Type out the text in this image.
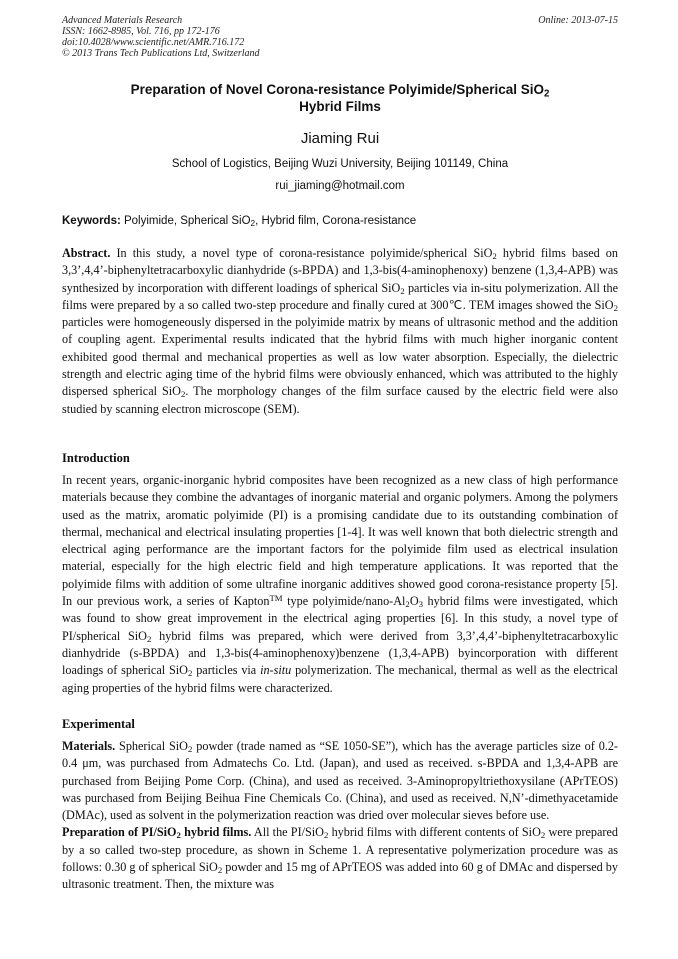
Advanced Materials Research
ISSN: 1662-8985, Vol. 716, pp 172-176
doi:10.4028/www.scientific.net/AMR.716.172
© 2013 Trans Tech Publications Ltd, Switzerland
Online: 2013-07-15
Preparation of Novel Corona-resistance Polyimide/Spherical SiO$_2$
Hybrid Films
Jiaming Rui
School of Logistics, Beijing Wuzi University, Beijing 101149, China
rui_jiaming@hotmail.com
Keywords: Polyimide, Spherical SiO$_2$, Hybrid film, Corona-resistance
Abstract. In this study, a novel type of corona-resistance polyimide/spherical SiO$_2$ hybrid films based on 3,3’,4,4’-biphenyltetracarboxylic dianhydride (s-BPDA) and 1,3-bis(4-aminophenoxy) benzene (1,3,4-APB) was synthesized by incorporation with different loadings of spherical SiO$_2$ particles via in-situ polymerization. All the films were prepared by a so called two-step procedure and finally cured at 300℃. TEM images showed the SiO$_2$ particles were homogeneously dispersed in the polyimide matrix by means of ultrasonic method and the addition of coupling agent. Experimental results indicated that the hybrid films with much higher inorganic content exhibited good thermal and mechanical properties as well as low water absorption. Especially, the dielectric strength and electric aging time of the hybrid films were obviously enhanced, which was attributed to the highly dispersed spherical SiO$_2$. The morphology changes of the film surface caused by the electric field were also studied by scanning electron microscope (SEM).
Introduction
In recent years, organic-inorganic hybrid composites have been recognized as a new class of high performance materials because they combine the advantages of inorganic material and organic polymers. Among the polymers used as the matrix, aromatic polyimide (PI) is a promising candidate due to its outstanding combination of thermal, mechanical and electrical insulating properties [1-4]. It was well known that both dielectric strength and electrical aging performance are the important factors for the polyimide film used as electrical insulation material, especially for the high electric field and high temperature applications. It was reported that the polyimide films with addition of some ultrafine inorganic additives showed good corona-resistance property [5]. In our previous work, a series of Kapton™ type polyimide/$nano-Al_2O_3$ hybrid films were investigated, which was found to show great improvement in the electrical aging properties [6]. In this study, a novel type of PI/spherical SiO$_2$ hybrid films was prepared, which were derived from 3,3’,4,4’-biphenyltetracarboxylic dianhydride (s-BPDA) and 1,3-bis(4-aminophenoxy)benzene (1,3,4-APB) byincorporation with different loadings of spherical SiO$_2$ particles via in-situ polymerization. The mechanical, thermal as well as the electrical aging properties of the hybrid films were characterized.
Experimental

Materials. Spherical SiO$_2$ powder (trade named as “SE 1050-SE”), which has the average particles size of 0.2-0.4 μm, was purchased from Admatechs Co. Ltd. (Japan), and used as received. s-BPDA and 1,3,4-APB are purchased from Beijing Pome Corp. (China), and used as received. 3-Aminopropyltriethoxysilane (APrTEOS) was purchased from Beijing Beihua Fine Chemicals Co. (China), and used as received. N,N’-dimethyacetamide (DMAc), used as solvent in the polymerization reaction was dried over molecular sieves before use.

Preparation of PI/SiO$_2$ hybrid films. All the PI/SiO$_2$ hybrid films with different contents of SiO$_2$ were prepared by a so called two-step procedure, as shown in Scheme 1. A representative polymerization procedure was as follows: 0.30 g of spherical SiO$_2$ powder and 15 mg of APrTEOS was added into 60 g of DMAc and dispersed by ultrasonic treatment. Then, the mixture was
